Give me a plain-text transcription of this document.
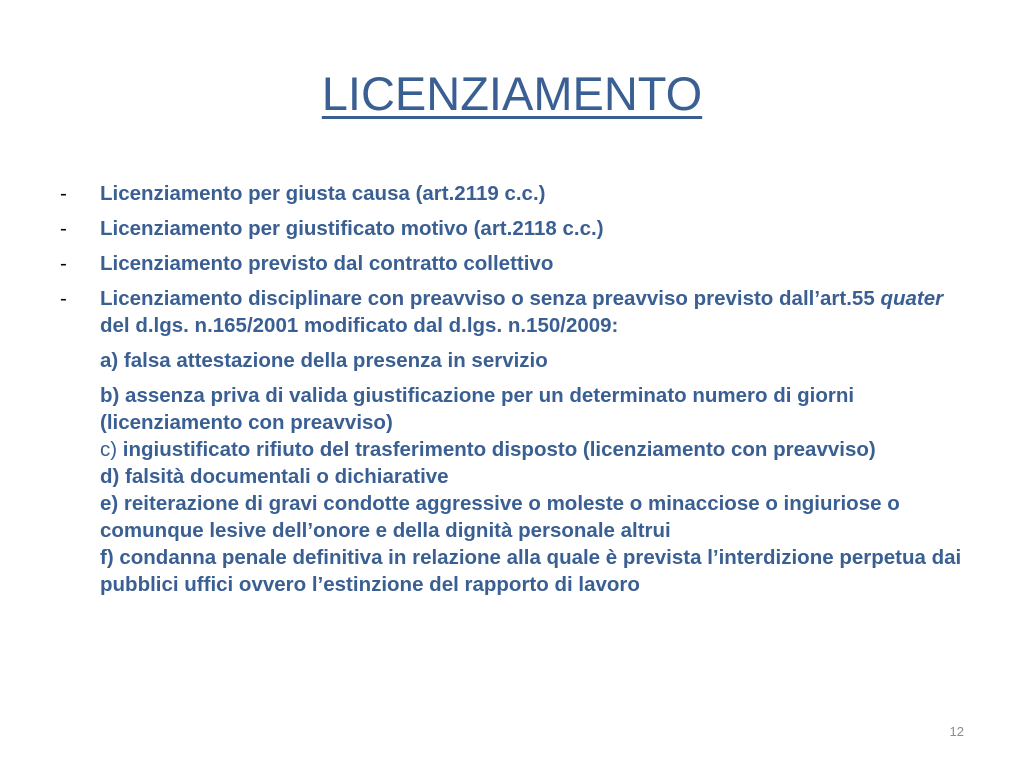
LICENZIAMENTO
-	Licenziamento per giusta causa (art.2119 c.c.)
-	Licenziamento per giustificato motivo (art.2118 c.c.)
-	Licenziamento previsto dal contratto collettivo
-	Licenziamento disciplinare con preavviso o senza preavviso previsto dall’art.55 quater del d.lgs. n.165/2001 modificato dal d.lgs. n.150/2009:
a) falsa attestazione della presenza in servizio
b) assenza priva di valida giustificazione per un determinato numero di giorni (licenziamento con preavviso)
c) ingiustificato rifiuto del trasferimento disposto (licenziamento con preavviso)
d) falsità documentali o dichiarative
e) reiterazione di gravi condotte aggressive o moleste o minacciose o ingiuriose o comunque lesive dell’onore e della dignità personale altrui
f) condanna penale definitiva in relazione alla quale è prevista l’interdizione perpetua dai pubblici uffici ovvero l’estinzione del rapporto di lavoro
12
